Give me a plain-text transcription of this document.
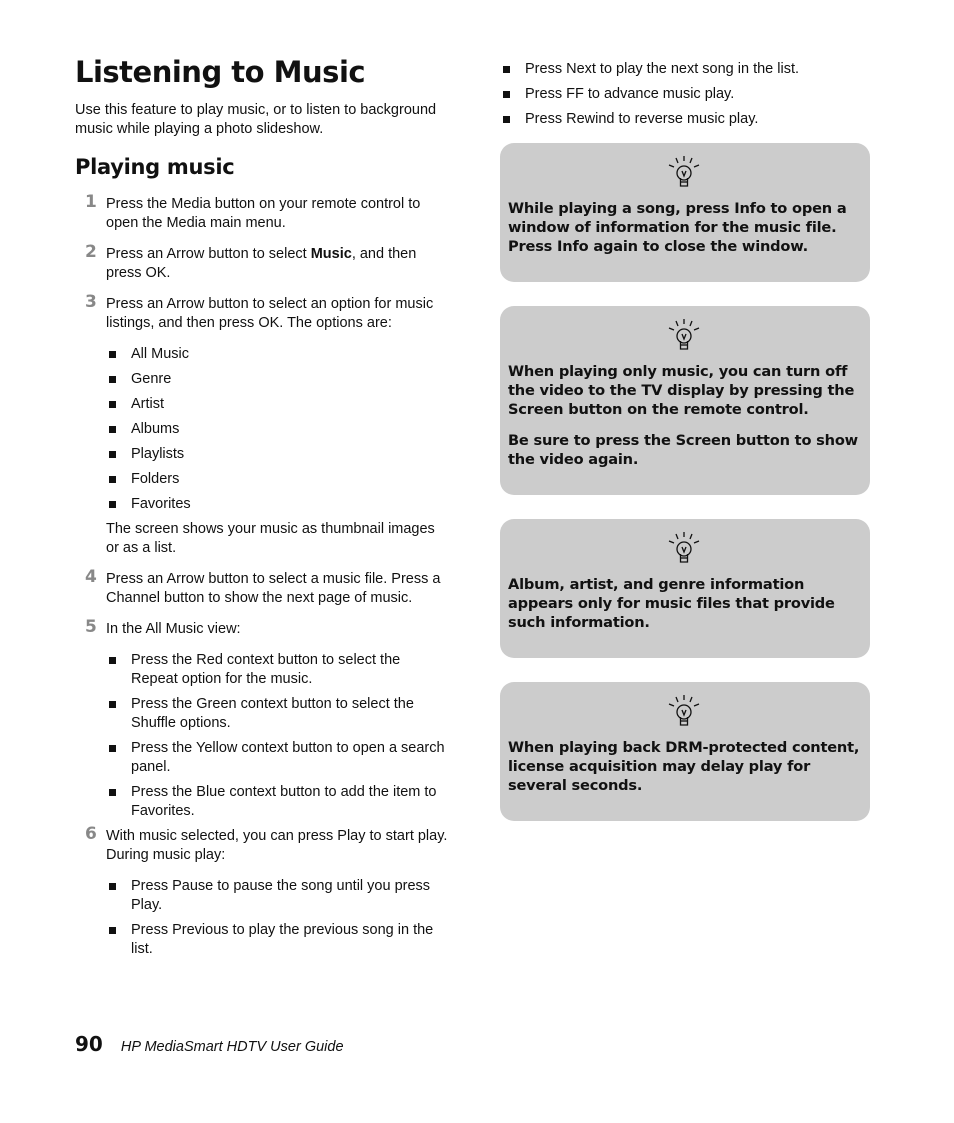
Listening to Music

Use this feature to play music, or to listen to background music while playing a photo slideshow.

Playing music
1 Press the Media button on your remote control to open the Media main menu.
2 Press an Arrow button to select Music, and then press OK.
3 Press an Arrow button to select an option for music listings, and then press OK. The options are:
All Music
Genre
Artist
Albums
Playlists
Folders
Favorites

The screen shows your music as thumbnail images or as a list.

4 Press an Arrow button to select a music file. Press a Channel button to show the next page of music.
5 In the All Music view:
Press the Red context button to select the Repeat option for the music.
Press the Green context button to select the Shuffle options.
Press the Yellow context button to open a search panel.
Press the Blue context button to add the item to Favorites.
6 With music selected, you can press Play to start play. During music play:
Press Pause to pause the song until you press Play.
Press Previous to play the previous song in the list.
Press Next to play the next song in the list.
Press FF to advance music play.
Press Rewind to reverse music play.

While playing a song, press Info to open a window of information for the music file. Press Info again to close the window.

When playing only music, you can turn off the video to the TV display by pressing the Screen button on the remote control.

Be sure to press the Screen button to show the video again.

Album, artist, and genre information appears only for music files that provide such information.

When playing back DRM-protected content, license acquisition may delay play for several seconds.

90 HP MediaSmart HDTV User Guide
